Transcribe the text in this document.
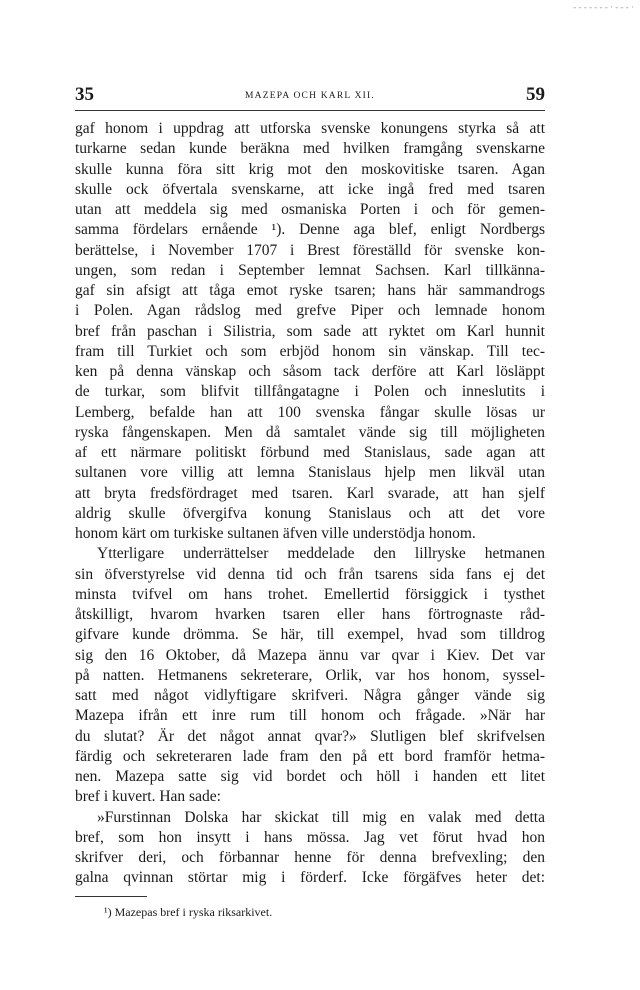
- - - - - - - · - - - ·
35	MAZEPA OCH KARL XII.	59
gaf honom i uppdrag att utforska svenske konungens styrka så att
turkarne sedan kunde beräkna med hvilken framgång svenskarne
skulle kunna föra sitt krig mot den moskovitiske tsaren. Agan
skulle ock öfvertala svenskarne, att icke ingå fred med tsaren
utan att meddela sig med osmaniska Porten i och för gemen-
samma fördelars ernående ¹). Denne aga blef, enligt Nordbergs
berättelse, i November 1707 i Brest föreställd för svenske kon-
ungen, som redan i September lemnat Sachsen. Karl tillkänna-
gaf sin afsigt att tåga emot ryske tsaren; hans här sammandrogs
i Polen. Agan rådslog med grefve Piper och lemnade honom
bref från paschan i Silistria, som sade att ryktet om Karl hunnit
fram till Turkiet och som erbjöd honom sin vänskap. Till tec-
ken på denna vänskap och såsom tack derföre att Karl lösläppt
de turkar, som blifvit tillfångatagne i Polen och inneslutits i
Lemberg, befalde han att 100 svenska fångar skulle lösas ur
ryska fångenskapen. Men då samtalet vände sig till möjligheten
af ett närmare politiskt förbund med Stanislaus, sade agan att
sultanen vore villig att lemna Stanislaus hjelp men likväl utan
att bryta fredsfördraget med tsaren. Karl svarade, att han sjelf
aldrig skulle öfvergifva konung Stanislaus och att det vore
honom kärt om turkiske sultanen äfven ville understödja honom.
Ytterligare underrättelser meddelade den lillryske hetmanen
sin öfverstyrelse vid denna tid och från tsarens sida fans ej det
minsta tvifvel om hans trohet. Emellertid försiggick i tysthet
åtskilligt, hvarom hvarken tsaren eller hans förtrognaste råd-
gifvare kunde drömma. Se här, till exempel, hvad som tilldrog
sig den 16 Oktober, då Mazepa ännu var qvar i Kiev. Det var
på natten. Hetmanens sekreterare, Orlik, var hos honom, syssel-
satt med något vidlyftigare skrifveri. Några gånger vände sig
Mazepa ifrån ett inre rum till honom och frågade. »När har
du slutat? Är det något annat qvar?» Slutligen blef skrifvelsen
färdig och sekreteraren lade fram den på ett bord framför hetma-
nen. Mazepa satte sig vid bordet och höll i handen ett litet
bref i kuvert. Han sade:
»Furstinnan Dolska har skickat till mig en valak med detta
bref, som hon insytt i hans mössa. Jag vet förut hvad hon
skrifver deri, och förbannar henne för denna brefvexling; den
galna qvinnan störtar mig i förderf. Icke förgäfves heter det:
¹) Mazepas bref i ryska riksarkivet.
